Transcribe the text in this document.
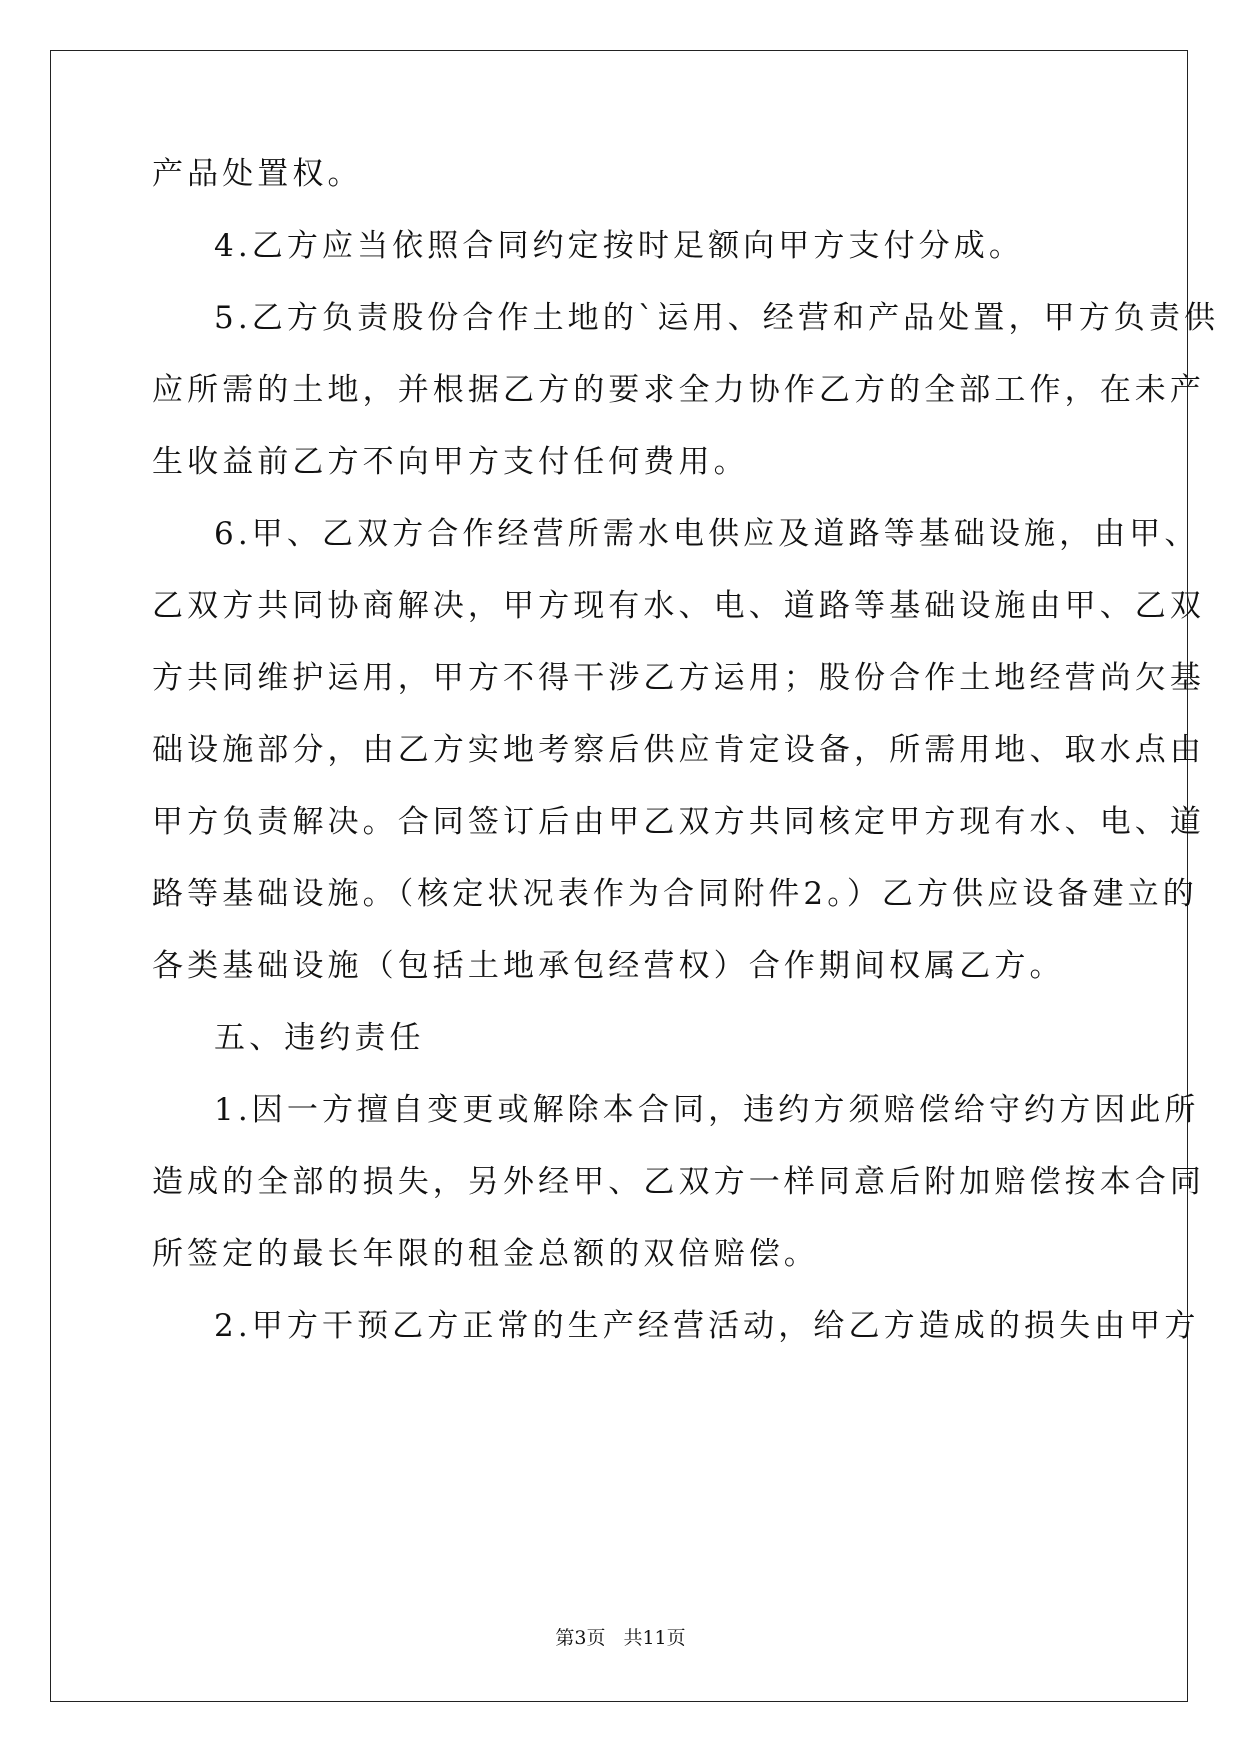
产品处置权。
4.乙方应当依照合同约定按时足额向甲方支付分成。
5.乙方负责股份合作土地的`运用、经营和产品处置，甲方负责供
应所需的土地，并根据乙方的要求全力协作乙方的全部工作，在未产
生收益前乙方不向甲方支付任何费用。
6.甲、乙双方合作经营所需水电供应及道路等基础设施，由甲、
乙双方共同协商解决，甲方现有水、电、道路等基础设施由甲、乙双
方共同维护运用，甲方不得干涉乙方运用；股份合作土地经营尚欠基
础设施部分，由乙方实地考察后供应肯定设备，所需用地、取水点由
甲方负责解决。合同签订后由甲乙双方共同核定甲方现有水、电、道
路等基础设施。（核定状况表作为合同附件2。）乙方供应设备建立的
各类基础设施（包括土地承包经营权）合作期间权属乙方。
五、违约责任
1.因一方擅自变更或解除本合同，违约方须赔偿给守约方因此所
造成的全部的损失，另外经甲、乙双方一样同意后附加赔偿按本合同
所签定的最长年限的租金总额的双倍赔偿。
2.甲方干预乙方正常的生产经营活动，给乙方造成的损失由甲方
第3页 共11页
